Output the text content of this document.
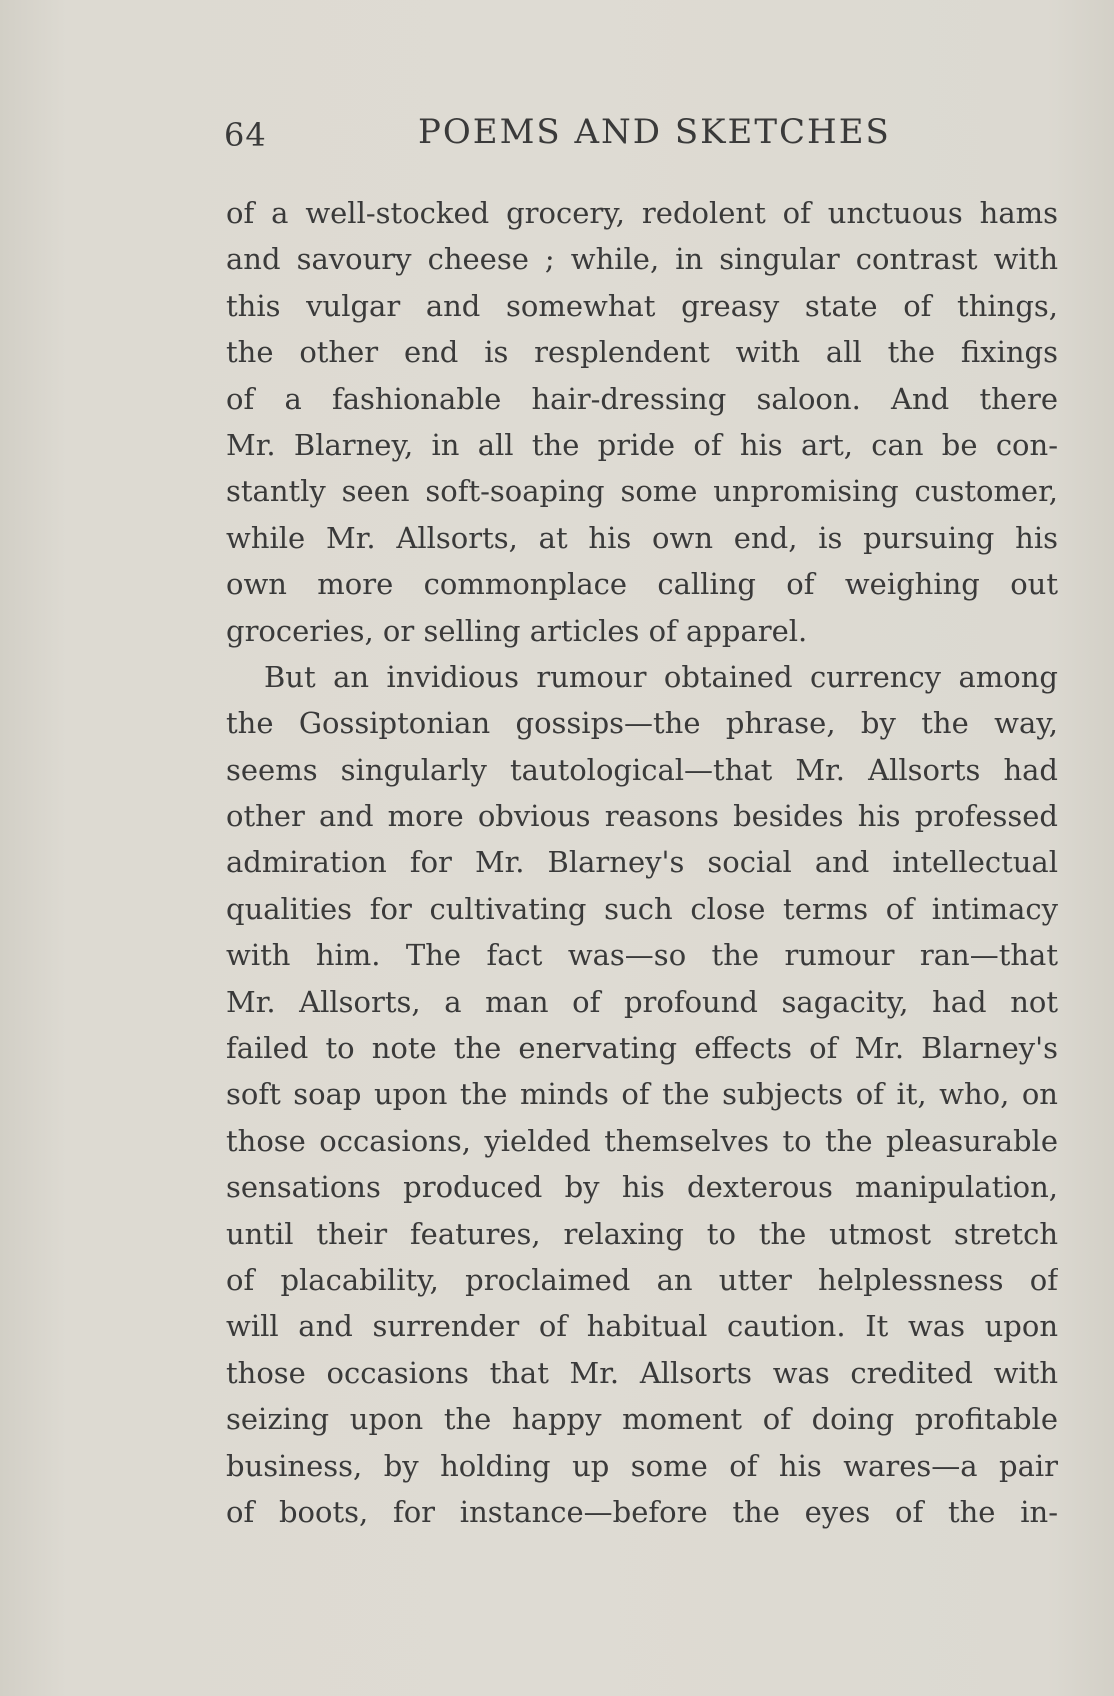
64	POEMS AND SKETCHES
of a well-stocked grocery, redolent of unctuous hams
and savoury cheese ; while, in singular contrast with
this vulgar and somewhat greasy state of things,
the other end is resplendent with all the fixings
of a fashionable hair-dressing saloon. And there
Mr. Blarney, in all the pride of his art, can be con-
stantly seen soft-soaping some unpromising customer,
while Mr. Allsorts, at his own end, is pursuing his
own more commonplace calling of weighing out
groceries, or selling articles of apparel.
But an invidious rumour obtained currency among
the Gossiptonian gossips—the phrase, by the way,
seems singularly tautological—that Mr. Allsorts had
other and more obvious reasons besides his professed
admiration for Mr. Blarney's social and intellectual
qualities for cultivating such close terms of intimacy
with him. The fact was—so the rumour ran—that
Mr. Allsorts, a man of profound sagacity, had not
failed to note the enervating effects of Mr. Blarney's
soft soap upon the minds of the subjects of it, who, on
those occasions, yielded themselves to the pleasurable
sensations produced by his dexterous manipulation,
until their features, relaxing to the utmost stretch
of placability, proclaimed an utter helplessness of
will and surrender of habitual caution. It was upon
those occasions that Mr. Allsorts was credited with
seizing upon the happy moment of doing profitable
business, by holding up some of his wares—a pair
of boots, for instance—before the eyes of the in-
